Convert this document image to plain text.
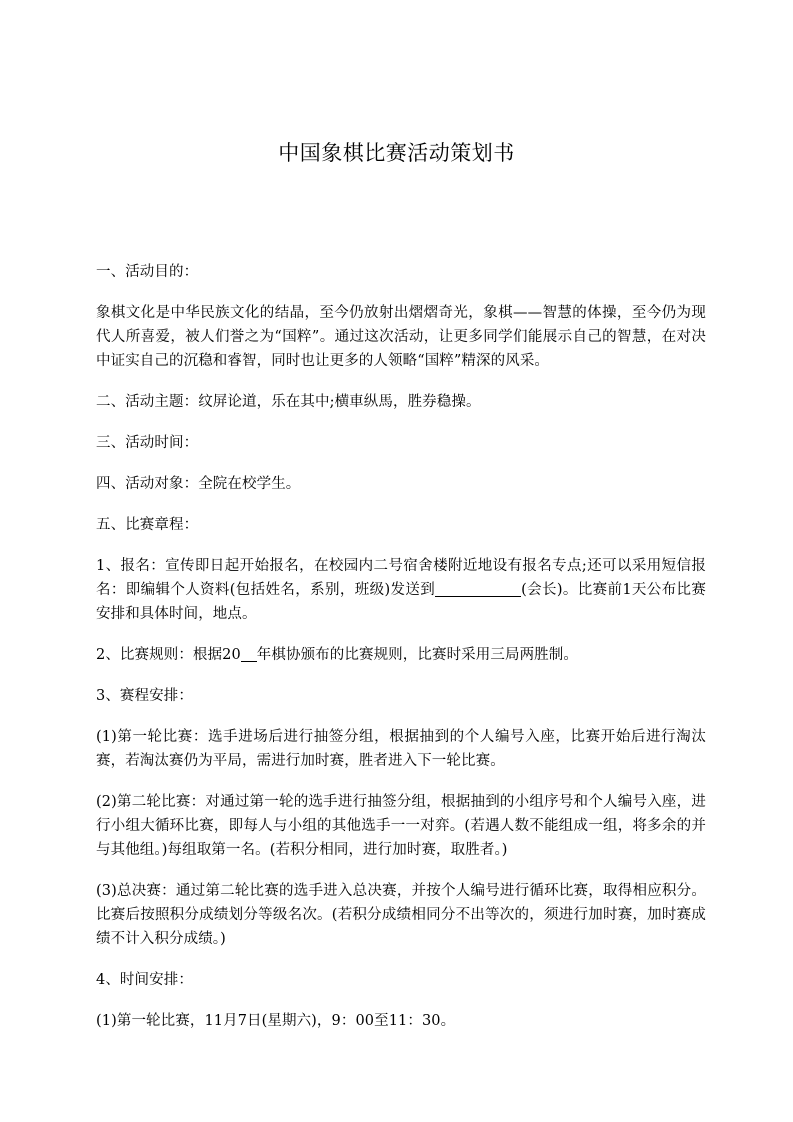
中国象棋比赛活动策划书

一、活动目的：

象棋文化是中华民族文化的结晶，至今仍放射出熠熠奇光，象棋——智慧的体操，至今仍为现代人所喜爱，被人们誉之为“国粹”。通过这次活动，让更多同学们能展示自己的智慧，在对决中证实自己的沉稳和睿智，同时也让更多的人领略“国粹”精深的风采。

二、活动主题：纹屏论道，乐在其中;横車纵馬，胜券稳操。

三、活动时间：

四、活动对象：全院在校学生。

五、比赛章程：

1、报名：宣传即日起开始报名，在校园内二号宿舍楼附近地设有报名专点;还可以采用短信报名：即编辑个人资料(包括姓名，系别，班级)发送到	(会长)。比赛前1天公布比赛安排和具体时间，地点。

2、比赛规则：根据20 年棋协颁布的比赛规则，比赛时采用三局两胜制。

3、赛程安排：

(1)第一轮比赛：选手进场后进行抽签分组，根据抽到的个人编号入座，比赛开始后进行淘汰赛，若淘汰赛仍为平局，需进行加时赛，胜者进入下一轮比赛。

(2)第二轮比赛：对通过第一轮的选手进行抽签分组，根据抽到的小组序号和个人编号入座，进行小组大循环比赛，即每人与小组的其他选手一一对弈。(若遇人数不能组成一组，将多余的并与其他组。)每组取第一名。(若积分相同，进行加时赛，取胜者。)

(3)总决赛：通过第二轮比赛的选手进入总决赛，并按个人编号进行循环比赛，取得相应积分。比赛后按照积分成绩划分等级名次。(若积分成绩相同分不出等次的，须进行加时赛，加时赛成绩不计入积分成绩。)

4、时间安排：

(1)第一轮比赛，11月7日(星期六)，9：00至11：30。
